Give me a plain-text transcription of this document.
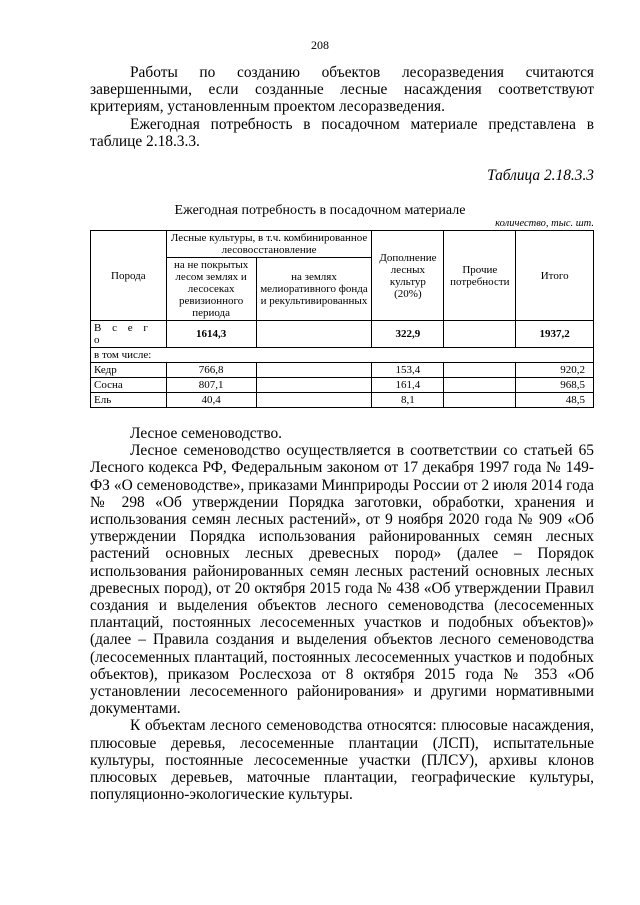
208

Работы по созданию объектов лесоразведения считаются завершенными, если созданные лесные насаждения соответствуют критериям, установленным проектом лесоразведения.

Ежегодная потребность в посадочном материале представлена в таблице 2.18.3.3.

Таблица 2.18.3.3
Ежегодная потребность в посадочном материале
количество, тыс. шт.
Порода	Лесные культуры, в т.ч. комбинированное лесовосстановление		Дополнение лесных культур (20%)	Прочие потребности	Итого
	на не покрытых лесом землях и лесосеках ревизионного периода	на землях мелиоративного фонда и рекультивированных			
В с е г о	1614,3		322,9		1937,2
в том числе:					
Кедр	766,8		153,4		920,2
Сосна	807,1		161,4		968,5
Ель	40,4		8,1		48,5

Лесное семеноводство.

Лесное семеноводство осуществляется в соответствии со статьей 65 Лесного кодекса РФ, Федеральным законом от 17 декабря 1997 года № 149-ФЗ «О семеноводстве», приказами Минприроды России от 2 июля 2014 года № 298 «Об утверждении Порядка заготовки, обработки, хранения и использования семян лесных растений», от 9 ноября 2020 года № 909 «Об утверждении Порядка использования районированных семян лесных растений основных лесных древесных пород» (далее – Порядок использования районированных семян лесных растений основных лесных древесных пород), от 20 октября 2015 года № 438 «Об утверждении Правил создания и выделения объектов лесного семеноводства (лесосеменных плантаций, постоянных лесосеменных участков и подобных объектов)» (далее – Правила создания и выделения объектов лесного семеноводства (лесосеменных плантаций, постоянных лесосеменных участков и подобных объектов), приказом Рослесхоза от 8 октября 2015 года № 353 «Об установлении лесосеменного районирования» и другими нормативными документами.

К объектам лесного семеноводства относятся: плюсовые насаждения, плюсовые деревья, лесосеменные плантации (ЛСП), испытательные культуры, постоянные лесосеменные участки (ПЛСУ), архивы клонов плюсовых деревьев, маточные плантации, географические культуры, популяционно-экологические культуры.
